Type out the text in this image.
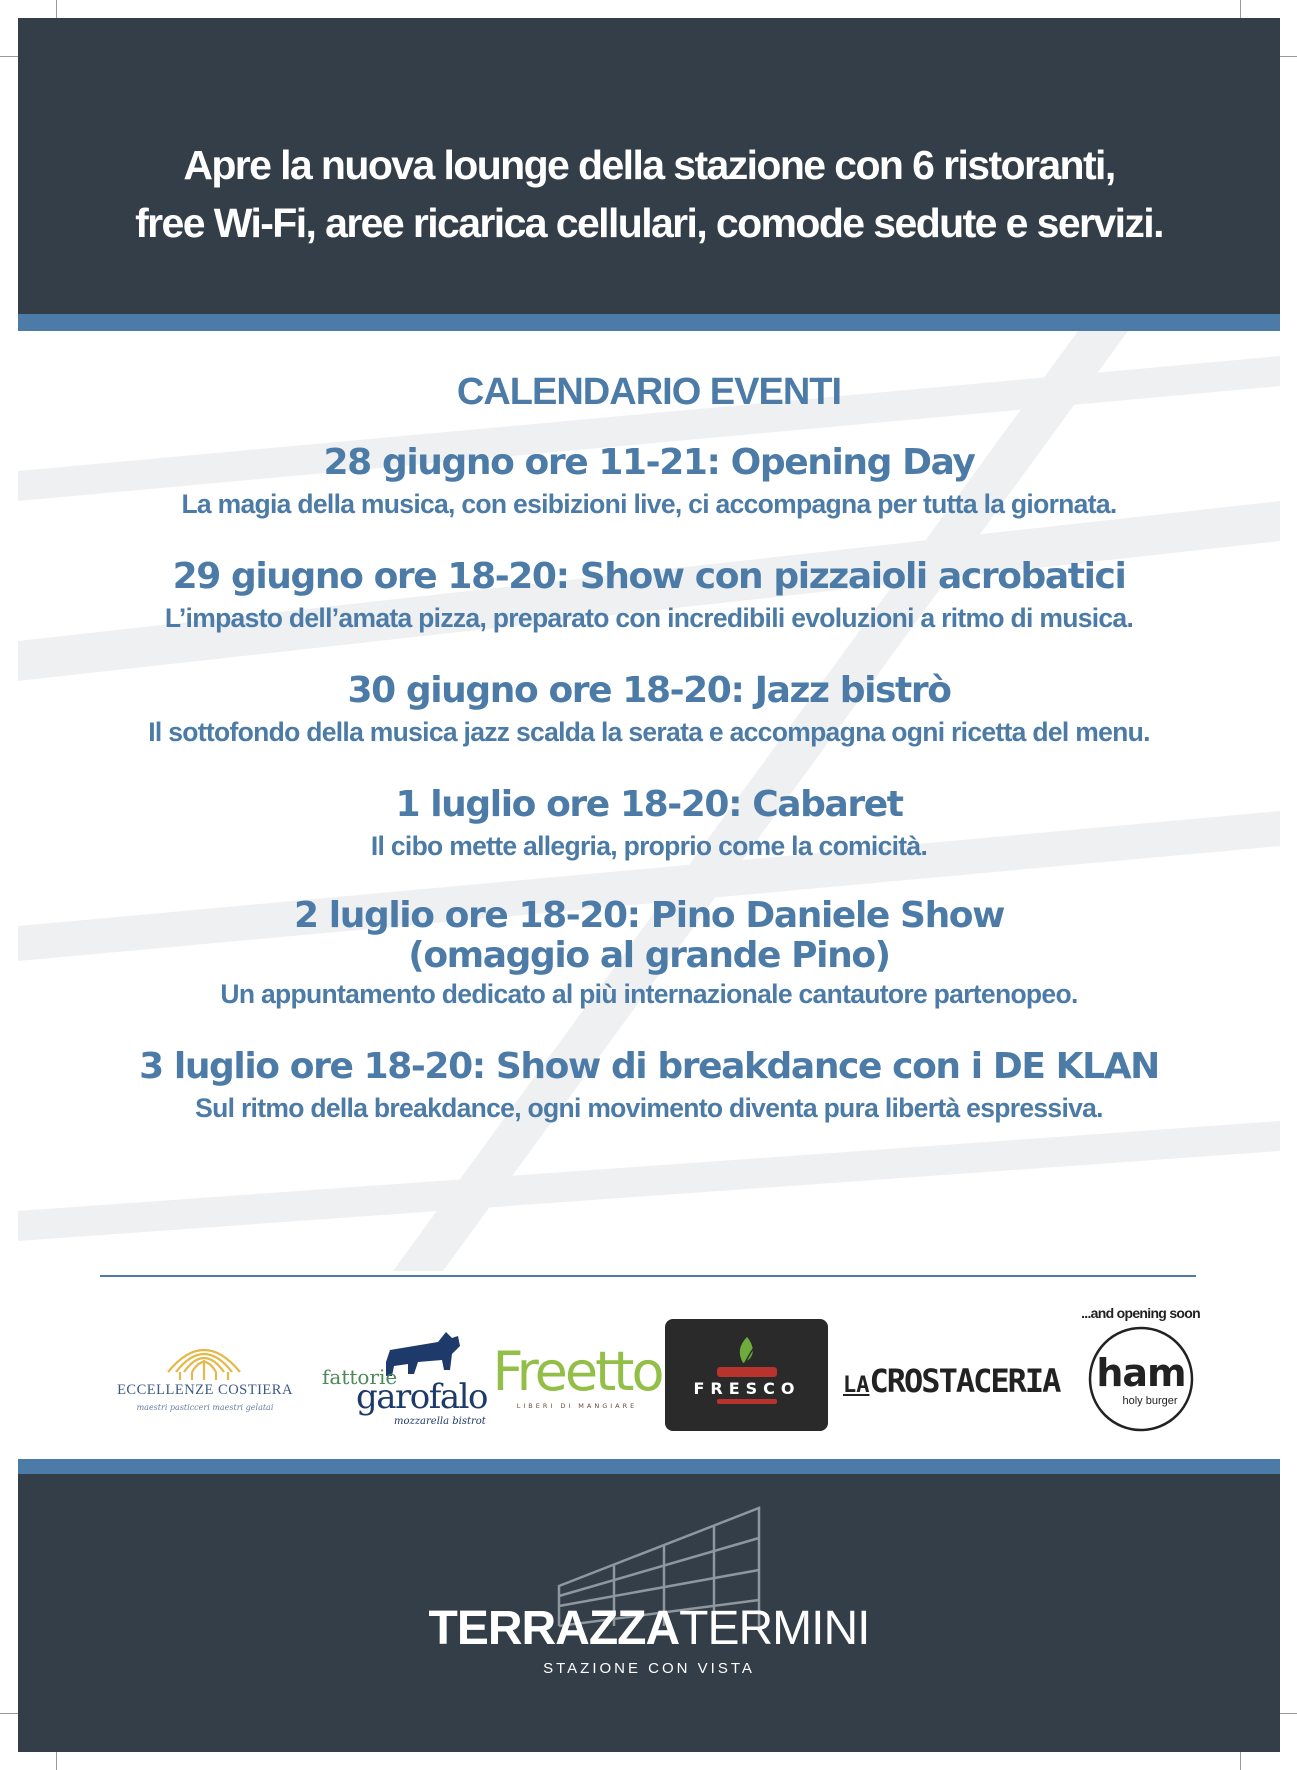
Apre la nuova lounge della stazione con 6 ristoranti,
free Wi-Fi, aree ricarica cellulari, comode sedute e servizi.
CALENDARIO EVENTI

28 giugno ore 11-21: Opening Day

La magia della musica, con esibizioni live, ci accompagna per tutta la giornata.

29 giugno ore 18-20: Show con pizzaioli acrobatici

L’impasto dell’amata pizza, preparato con incredibili evoluzioni a ritmo di musica.

30 giugno ore 18-20: Jazz bistrò

Il sottofondo della musica jazz scalda la serata e accompagna ogni ricetta del menu.

1 luglio ore 18-20: Cabaret

Il cibo mette allegria, proprio come la comicità.

2 luglio ore 18-20: Pino Daniele Show
(omaggio al grande Pino)

Un appuntamento dedicato al più internazionale cantautore partenopeo.

3 luglio ore 18-20: Show di breakdance con i DE KLAN

Sul ritmo della breakdance, ogni movimento diventa pura libertà espressiva.

...and opening soon
ECCELLENZE COSTIERA
maestri pasticceri maestri gelatai
fattorie
garofalo
mozzarella bistrot
Freetto
LIBERI DI MANGIARE
FRESCO LACROSTACERIA ham
holy burger
TERRAZZATERMINI
STAZIONE CON VISTA
